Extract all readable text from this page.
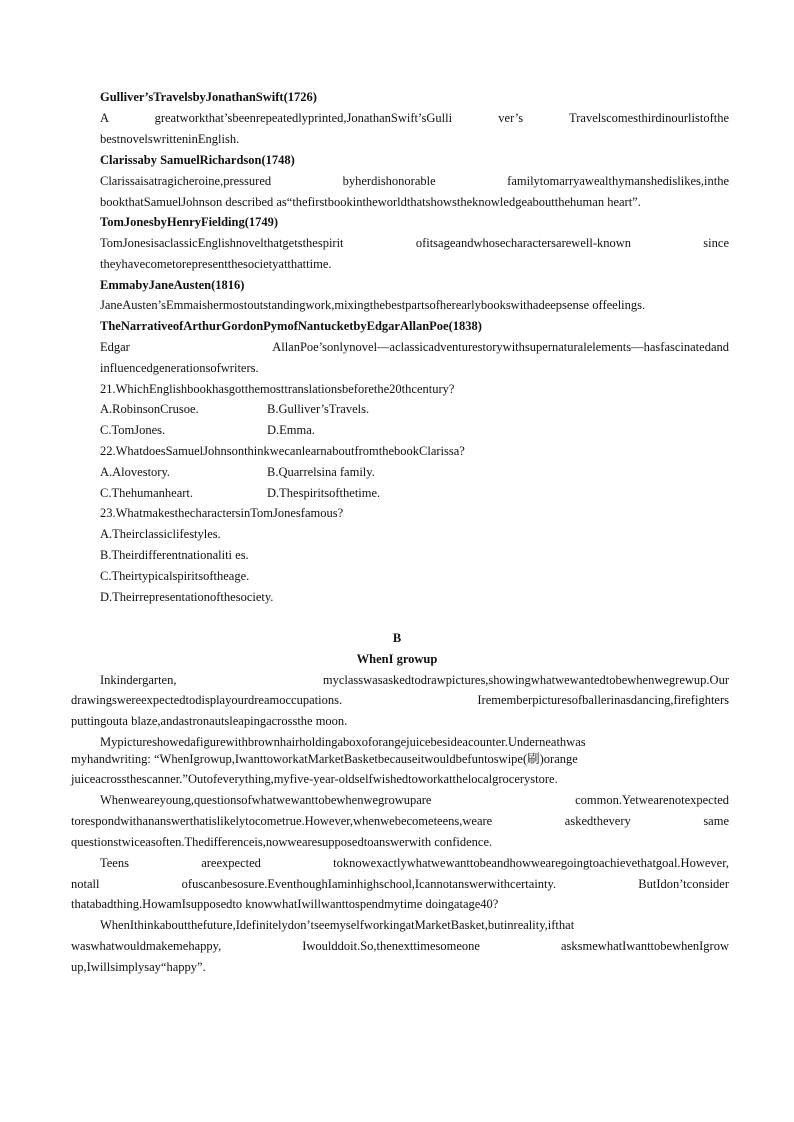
Gulliver’sTravelsbyJonathanSwift(1726)
A greatworkthat’sbeenrepeatedlyprinted,JonathanSwift’sGulli ver’s Travelscomesthirdinourlistofthe
bestnovelswritteninEnglish.
Clarissaby SamuelRichardson(1748)
Clarissaisatragicheroine,pressured byherdishonorable familytomarryawealthymanshedislikes,inthe
bookthatSamuelJohnson described as“thefirstbookintheworldthatshowstheknowledgeaboutthehuman heart”.
TomJonesbyHenryFielding(1749)
TomJonesisaclassicEnglishnovelthatgetsthespirit ofitsageandwhosecharactersarewell-known since
theyhavecometorepresentthesocietyatthattime.
EmmabyJaneAusten(1816)
JaneAusten’sEmmaishermostoutstandingwork,mixingthebestpartsofherearlybookswithadeepsense offeelings.
TheNarrativeofArthurGordonPymofNantucketbyEdgarAllanPoe(1838)
Edgar AllanPoe’sonlynovel—aclassicadventurestorywithsupernaturalelements—hasfascinatedand
influencedgenerationsofwriters.
21.WhichEnglishbookhasgotthemosttranslationsbeforethe20thcentury?
A.RobinsonCrusoe.	B.Gulliver’sTravels.
C.TomJones.	D.Emma.
22.WhatdoesSamuelJohnsonthinkwecanlearnaboutfromthebookClarissa?
A.Alovestory.	B.Quarrelsina family.
C.Thehumanheart.	D.Thespiritsofthetime.
23.WhatmakesthecharactersinTomJonesfamous?
A.Theirclassiclifestyles.
B.Theirdifferentnationaliti es.
C.Theirtypicalspiritsoftheage.
D.Theirrepresentationofthesociety.
B
WhenI growup
Inkindergarten, myclasswasaskedtodrawpictures,showingwhatwewantedtobewhenwegrewup.Our
drawingswereexpectedtodisplayourdreamoccupations. Irememberpicturesofballerinasdancing,firefighters
puttingouta blaze,andastronautsleapingacrossthe moon.
Mypictureshowedafigurewithbrownhairholdingaboxoforangejuicebesideacounter.Underneathwas
myhandwriting: “WhenIgrowup,IwanttoworkatMarketBasketbecauseitwouldbefuntoswipe(刷)orange
juiceacrossthescanner.”Outofeverything,myfive-year-oldselfwishedtoworkatthelocalgrocerystore.
Whenweareyoung,questionsofwhatwewanttobewhenwegrowupare common.Yetwearenotexpected
torespondwithananswerthatislikelytocometrue.However,whenwebecometeens,weare askedthevery same
questionstwiceasoften.Thedifferenceis,nowwearesupposedtoanswerwith confidence.
Teens areexpected toknowexactlywhatwewanttobeandhowwearegoingtoachievethatgoal.However,
notall ofuscanbesosure.EventhoughIaminhighschool,Icannotanswerwithcertainty. ButIdon’tconsider
thatabadthing.HowamIsupposedto knowwhatIwillwanttospendmytime doingatage40?
WhenIthinkaboutthefuture,Idefinitelydon’tseemyselfworkingatMarketBasket,butinreality,ifthat
waswhatwouldmakemehappy, Iwoulddoit.So,thenexttimesomeone asksmewhatIwanttobewhenIgrow
up,Iwillsimplysay“happy”.
